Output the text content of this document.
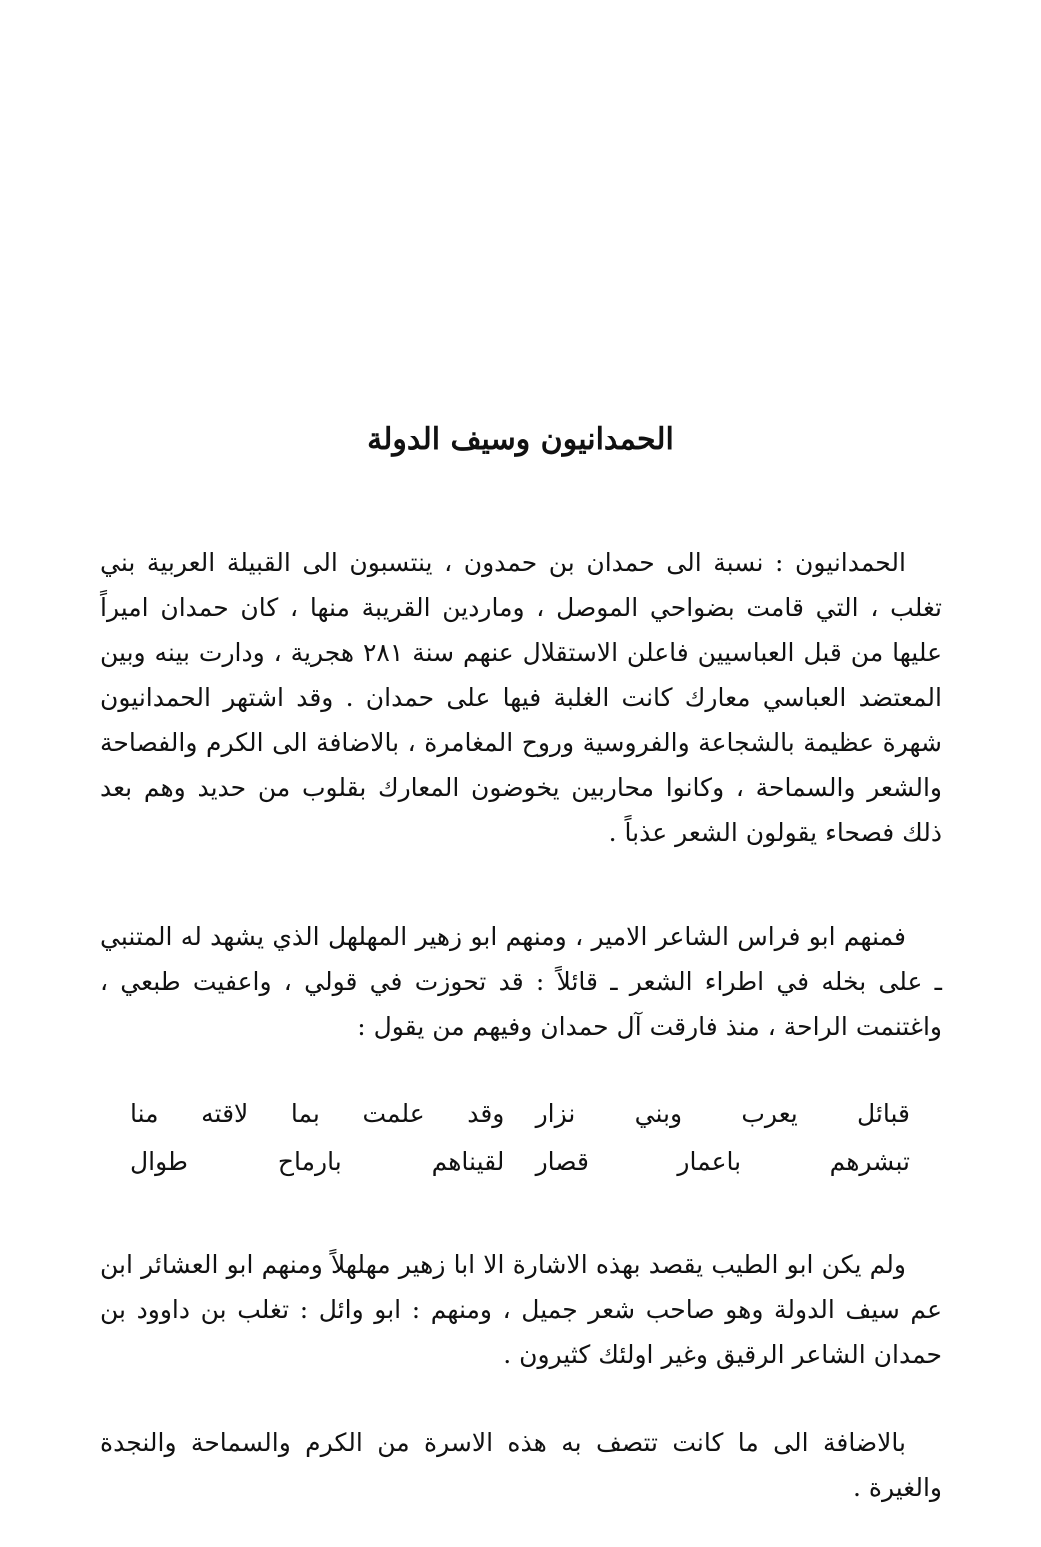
الحمدانيون وسيف الدولة

الحمدانيون : نسبة الى حمدان بن حمدون ، ينتسبون الى القبيلة العربية بني تغلب ، التي قامت بضواحي الموصل ، وماردين القريبة منها ، كان حمدان اميراً عليها من قبل العباسيين فاعلن الاستقلال عنهم سنة ٢٨١ هجرية ، ودارت بينه وبين المعتضد العباسي معارك كانت الغلبة فيها على حمدان . وقد اشتهر الحمدانيون شهرة عظيمة بالشجاعة والفروسية وروح المغامرة ، بالاضافة الى الكرم والفصاحة والشعر والسماحة ، وكانوا محاربين يخوضون المعارك بقلوب من حديد وهم بعد ذلك فصحاء يقولون الشعر عذباً .

فمنهم ابو فراس الشاعر الامير ، ومنهم ابو زهير المهلهل الذي يشهد له المتنبي ـ على بخله في اطراء الشعر ـ قائلاً : قد تحوزت في قولي ، واعفيت طبعي ، واغتنمت الراحة ، منذ فارقت آل حمدان وفيهم من يقول :

وقد علمت بما لاقته منا قبائل يعرب وبني نزار
لقيناهم بارماح طوال تبشرهم باعمار قصار

ولم يكن ابو الطيب يقصد بهذه الاشارة الا ابا زهير مهلهلاً ومنهم ابو العشائر ابن عم سيف الدولة وهو صاحب شعر جميل ، ومنهم : ابو وائل : تغلب بن داوود بن حمدان الشاعر الرقيق وغير اولئك كثيرون .

بالاضافة الى ما كانت تتصف به هذه الاسرة من الكرم والسماحة والنجدة والغيرة .
